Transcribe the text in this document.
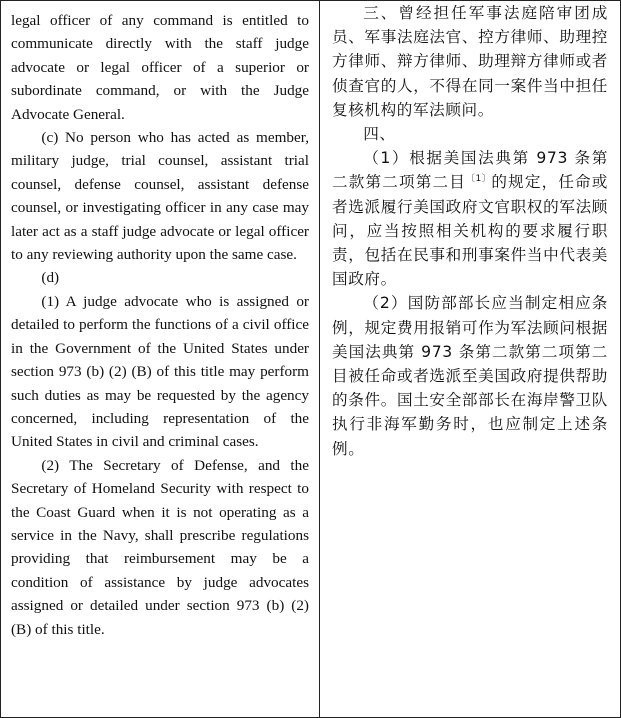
legal officer of any command is entitled to communicate directly with the staff judge advocate or legal officer of a superior or subordinate command, or with the Judge Advocate General.

(c) No person who has acted as member, military judge, trial counsel, assistant trial counsel, defense counsel, assistant defense counsel, or investigating officer in any case may later act as a staff judge advocate or legal officer to any reviewing authority upon the same case.

(d)

(1) A judge advocate who is assigned or detailed to perform the functions of a civil office in the Government of the United States under section 973 (b) (2) (B) of this title may perform such duties as may be requested by the agency concerned, including representation of the United States in civil and criminal cases.

(2) The Secretary of Defense, and the Secretary of Homeland Security with respect to the Coast Guard when it is not operating as a service in the Navy, shall prescribe regulations providing that reimbursement may be a condition of assistance by judge advocates assigned or detailed under section 973 (b) (2) (B) of this title.

三、曾经担任军事法庭陪审团成员、军事法庭法官、控方律师、助理控方律师、辩方律师、助理辩方律师或者侦查官的人，不得在同一案件当中担任复核机构的军法顾问。

四、

（1）根据美国法典第 973 条第二款第二项第二目$^{〔1〕}$的规定，任命或者选派履行美国政府文官职权的军法顾问，应当按照相关机构的要求履行职责，包括在民事和刑事案件当中代表美国政府。

（2）国防部部长应当制定相应条例，规定费用报销可作为军法顾问根据美国法典第 973 条第二款第二项第二目被任命或者选派至美国政府提供帮助的条件。国土安全部部长在海岸警卫队执行非海军勤务时，也应制定上述条例。
